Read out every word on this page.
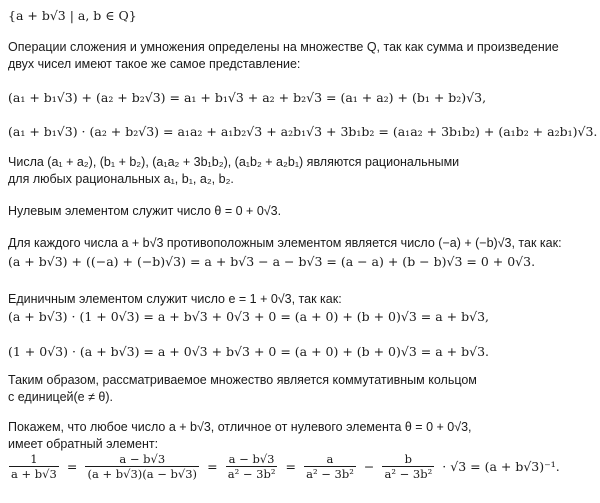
{a + b√3 | a, b ∈ Q}
Операции сложения и умножения определены на множестве Q, так как сумма и произведение
двух чисел имеют такое же самое представление:
(a₁ + b₁√3) + (a₂ + b₂√3) = a₁ + b₁√3 + a₂ + b₂√3 = (a₁ + a₂) + (b₁ + b₂)√3,
(a₁ + b₁√3) · (a₂ + b₂√3) = a₁a₂ + a₁b₂√3 + a₂b₁√3 + 3b₁b₂ = (a₁a₂ + 3b₁b₂) + (a₁b₂ + a₂b₁)√3.
Числа (a₁ + a₂), (b₁ + b₂), (a₁a₂ + 3b₁b₂), (a₁b₂ + a₂b₁) являются рациональными
для любых рациональных a₁, b₁, a₂, b₂.
Нулевым элементом служит число θ = 0 + 0√3.
Для каждого числа a + b√3 противоположным элементом является число (−a) + (−b)√3, так как:
(a + b√3) + ((−a) + (−b)√3) = a + b√3 − a − b√3 = (a − a) + (b − b)√3 = 0 + 0√3.
Единичным элементом служит число e = 1 + 0√3, так как:
(a + b√3) · (1 + 0√3) = a + b√3 + 0√3 + 0 = (a + 0) + (b + 0)√3 = a + b√3,
(1 + 0√3) · (a + b√3) = a + 0√3 + b√3 + 0 = (a + 0) + (b + 0)√3 = a + b√3.
Таким образом, рассматриваемое множество является коммутативным кольцом
с единицей(e ≠ θ).
Покажем, что любое число a + b√3, отличное от нулевого элемента θ = 0 + 0√3,
имеет обратный элемент:
$\frac{1}{a + b√3} = \frac{a - b√3}{(a + b√3)(a - b√3)} = \frac{a - b√3}{\text{a² − 3b²}} = \frac{a}{\text{a² − 3b²}} - \frac{b}{\text{a² − 3b²}} \cdot √3 = (a + b√3)^{-1}$.
